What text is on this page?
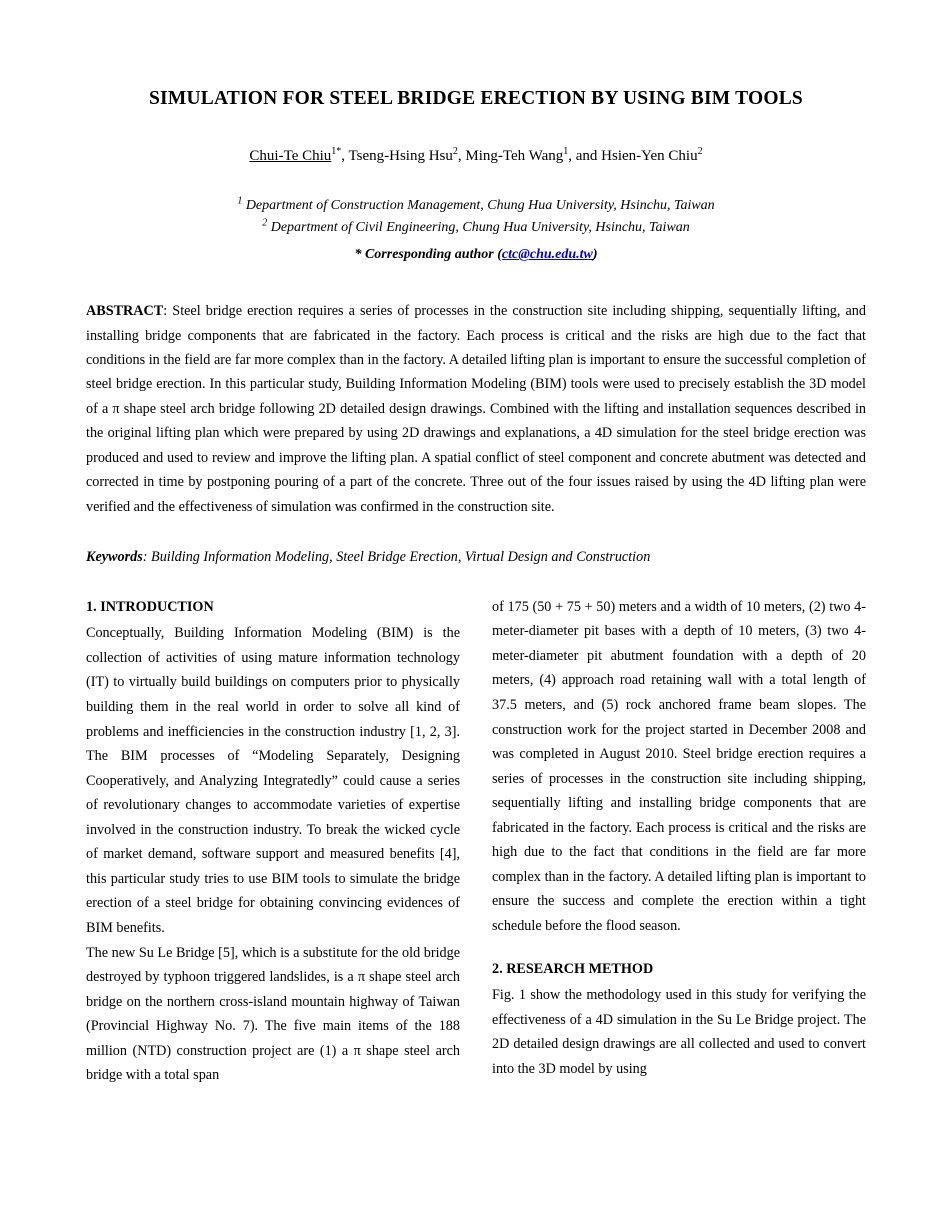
SIMULATION FOR STEEL BRIDGE ERECTION BY USING BIM TOOLS
Chui-Te Chiu$^{1*}$, Tseng-Hsing Hsu$^2$, Ming-Teh Wang$^1$, and Hsien-Yen Chiu$^2$
$^1$ Department of Construction Management, Chung Hua University, Hsinchu, Taiwan
$^2$ Department of Civil Engineering, Chung Hua University, Hsinchu, Taiwan
* Corresponding author (ctc@chu.edu.tw)
ABSTRACT: Steel bridge erection requires a series of processes in the construction site including shipping, sequentially lifting, and installing bridge components that are fabricated in the factory. Each process is critical and the risks are high due to the fact that conditions in the field are far more complex than in the factory. A detailed lifting plan is important to ensure the successful completion of steel bridge erection. In this particular study, Building Information Modeling (BIM) tools were used to precisely establish the 3D model of a π shape steel arch bridge following 2D detailed design drawings. Combined with the lifting and installation sequences described in the original lifting plan which were prepared by using 2D drawings and explanations, a 4D simulation for the steel bridge erection was produced and used to review and improve the lifting plan. A spatial conflict of steel component and concrete abutment was detected and corrected in time by postponing pouring of a part of the concrete. Three out of the four issues raised by using the 4D lifting plan were verified and the effectiveness of simulation was confirmed in the construction site.
Keywords: Building Information Modeling, Steel Bridge Erection, Virtual Design and Construction
1. INTRODUCTION

Conceptually, Building Information Modeling (BIM) is the collection of activities of using mature information technology (IT) to virtually build buildings on computers prior to physically building them in the real world in order to solve all kind of problems and inefficiencies in the construction industry [1, 2, 3]. The BIM processes of “Modeling Separately, Designing Cooperatively, and Analyzing Integratedly” could cause a series of revolutionary changes to accommodate varieties of expertise involved in the construction industry. To break the wicked cycle of market demand, software support and measured benefits [4], this particular study tries to use BIM tools to simulate the bridge erection of a steel bridge for obtaining convincing evidences of BIM benefits.

The new Su Le Bridge [5], which is a substitute for the old bridge destroyed by typhoon triggered landslides, is a π shape steel arch bridge on the northern cross-island mountain highway of Taiwan (Provincial Highway No. 7). The five main items of the 188 million (NTD) construction project are (1) a π shape steel arch bridge with a total span

of 175 (50 + 75 + 50) meters and a width of 10 meters, (2) two 4-meter-diameter pit bases with a depth of 10 meters, (3) two 4-meter-diameter pit abutment foundation with a depth of 20 meters, (4) approach road retaining wall with a total length of 37.5 meters, and (5) rock anchored frame beam slopes. The construction work for the project started in December 2008 and was completed in August 2010. Steel bridge erection requires a series of processes in the construction site including shipping, sequentially lifting and installing bridge components that are fabricated in the factory. Each process is critical and the risks are high due to the fact that conditions in the field are far more complex than in the factory. A detailed lifting plan is important to ensure the success and complete the erection within a tight schedule before the flood season.

2. RESEARCH METHOD

Fig. 1 show the methodology used in this study for verifying the effectiveness of a 4D simulation in the Su Le Bridge project. The 2D detailed design drawings are all collected and used to convert into the 3D model by using
